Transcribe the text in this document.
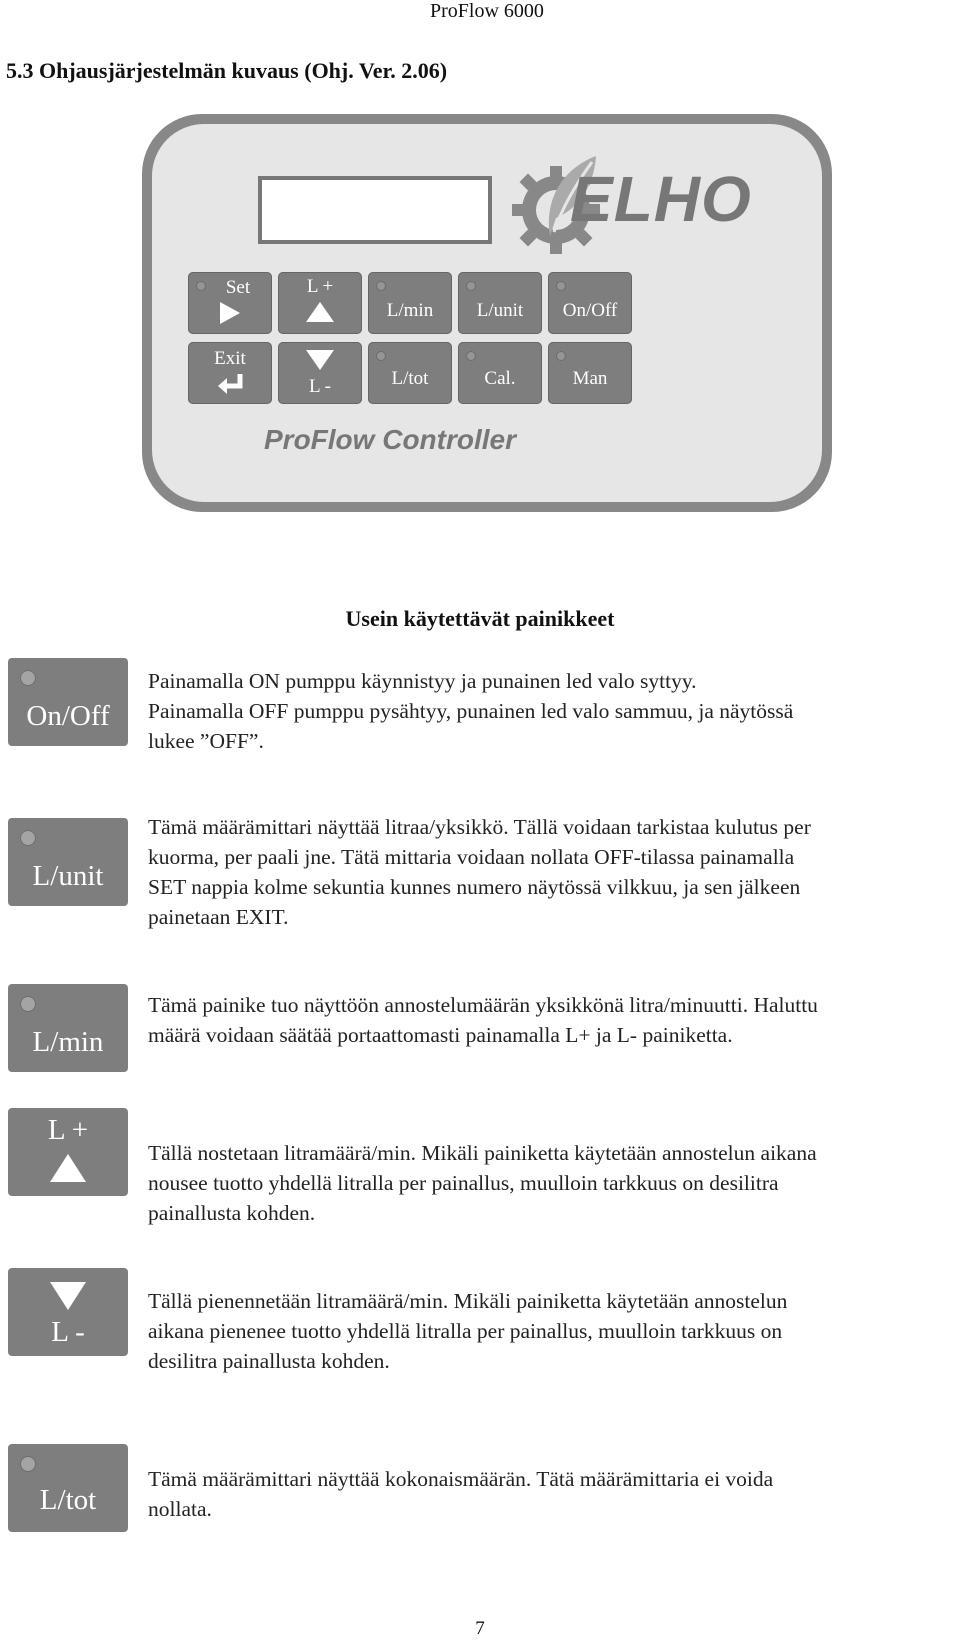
ProFlow 6000
5.3 Ohjausjärjestelmän kuvaus (Ohj. Ver. 2.06)
ELHO
Set	L +
L/min	L/unit	On/Off
Exit
L -	L/tot	Cal.	Man
ProFlow Controller
Usein käytettävät painikkeet
On/Off
Painamalla ON pumppu käynnistyy ja punainen led valo syttyy.
Painamalla OFF pumppu pysähtyy, punainen led valo sammuu, ja näytössä
lukee ”OFF”.
L/unit
Tämä määrämittari näyttää litraa/yksikkö. Tällä voidaan tarkistaa kulutus per
kuorma, per paali jne. Tätä mittaria voidaan nollata OFF-tilassa painamalla
SET nappia kolme sekuntia kunnes numero näytössä vilkkuu, ja sen jälkeen
painetaan EXIT.
L/min
Tämä painike tuo näyttöön annostelumäärän yksikkönä litra/minuutti. Haluttu
määrä voidaan säätää portaattomasti painamalla L+ ja L- painiketta.
L +
Tällä nostetaan litramäärä/min. Mikäli painiketta käytetään annostelun aikana
nousee tuotto yhdellä litralla per painallus, muulloin tarkkuus on desilitra
painallusta kohden.
L -
Tällä pienennetään litramäärä/min. Mikäli painiketta käytetään annostelun
aikana pienenee tuotto yhdellä litralla per painallus, muulloin tarkkuus on
desilitra painallusta kohden.
L/tot
Tämä määrämittari näyttää kokonaismäärän. Tätä määrämittaria ei voida
nollata.
7
